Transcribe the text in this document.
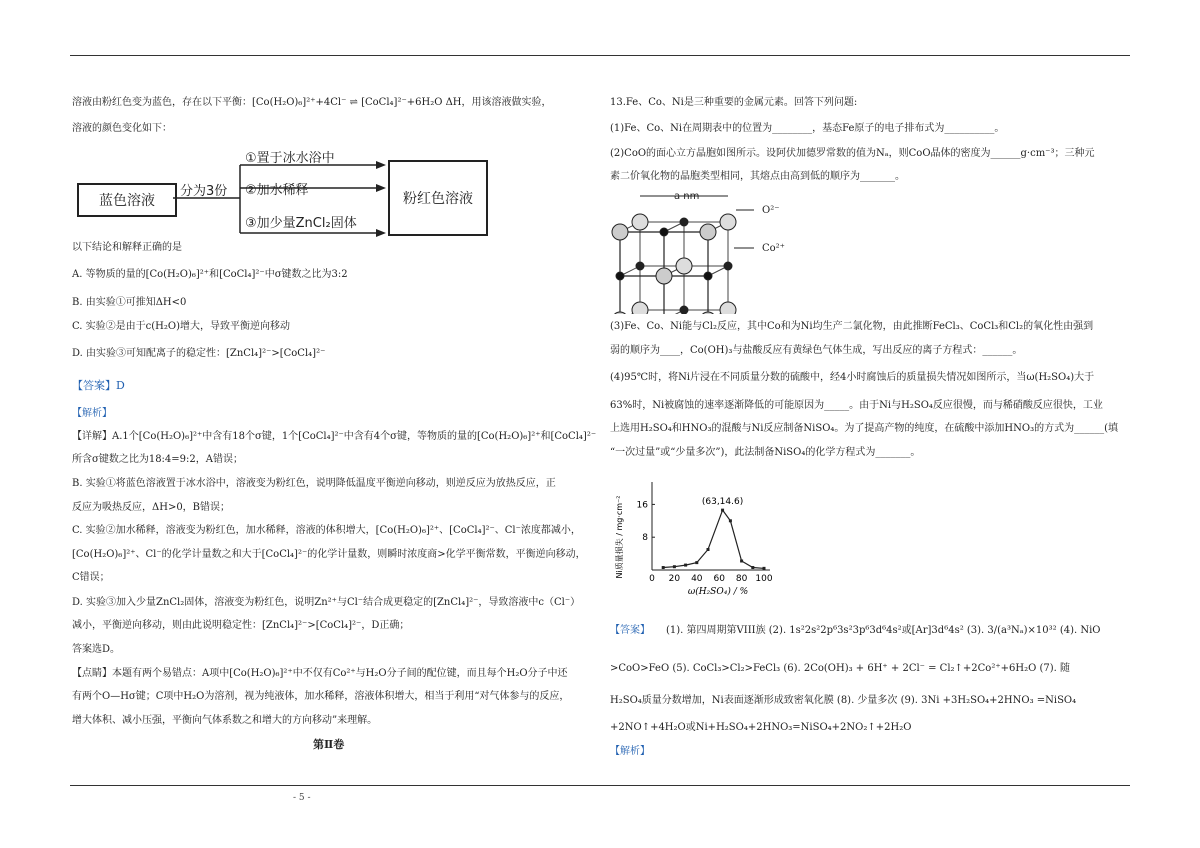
溶液由粉红色变为蓝色，存在以下平衡：[Co(H₂O)₆]²⁺+4Cl⁻ ⇌ [CoCl₄]²⁻+6H₂O ΔH，用该溶液做实验，
溶液的颜色变化如下：
蓝色溶液	粉红色溶液
分为3份
①置于冰水浴中
②加水稀释
③加少量ZnCl₂固体
以下结论和解释正确的是
A. 等物质的量的[Co(H₂O)₆]²⁺和[CoCl₄]²⁻中σ键数之比为3:2
B. 由实验①可推知ΔH<0
C. 实验②是由于c(H₂O)增大，导致平衡逆向移动
D. 由实验③可知配离子的稳定性：[ZnCl₄]²⁻>[CoCl₄]²⁻
【答案】D
【解析】
【详解】A.1个[Co(H₂O)₆]²⁺中含有18个σ键，1个[CoCl₄]²⁻中含有4个σ键，等物质的量的[Co(H₂O)₆]²⁺和[CoCl₄]²⁻
所含σ键数之比为18:4=9:2，A错误；
B. 实验①将蓝色溶液置于冰水浴中，溶液变为粉红色，说明降低温度平衡逆向移动，则逆反应为放热反应，正
反应为吸热反应，ΔH>0，B错误；
C. 实验②加水稀释，溶液变为粉红色，加水稀释，溶液的体积增大，[Co(H₂O)₆]²⁺、[CoCl₄]²⁻、Cl⁻浓度都减小，
[Co(H₂O)₆]²⁺、Cl⁻的化学计量数之和大于[CoCl₄]²⁻的化学计量数，则瞬时浓度商>化学平衡常数，平衡逆向移动，
C错误；
D. 实验③加入少量ZnCl₂固体，溶液变为粉红色，说明Zn²⁺与Cl⁻结合成更稳定的[ZnCl₄]²⁻，导致溶液中c（Cl⁻）
减小，平衡逆向移动，则由此说明稳定性：[ZnCl₄]²⁻>[CoCl₄]²⁻，D正确；
答案选D。
【点睛】本题有两个易错点：A项中[Co(H₂O)₆]²⁺中不仅有Co²⁺与H₂O分子间的配位键，而且每个H₂O分子中还
有两个O—Hσ键；C项中H₂O为溶剂，视为纯液体，加水稀释，溶液体积增大，相当于利用“对气体参与的反应，
增大体积、减小压强，平衡向气体系数之和增大的方向移动”来理解。
第Ⅱ卷
13.Fe、Co、Ni是三种重要的金属元素。回答下列问题:
(1)Fe、Co、Ni在周期表中的位置为________，基态Fe原子的电子排布式为__________。
(2)CoO的面心立方晶胞如图所示。设阿伏加德罗常数的值为Nₐ，则CoO晶体的密度为______g·cm⁻³；三种元
素二价氧化物的晶胞类型相同，其熔点由高到低的顺序为_______。
a nm
O²⁻
Co²⁺
(3)Fe、Co、Ni能与Cl₂反应，其中Co和为Ni均生产二氯化物，由此推断FeCl₃、CoCl₃和Cl₂的氧化性由强到
弱的顺序为____，Co(OH)₃与盐酸反应有黄绿色气体生成，写出反应的离子方程式：______。
(4)95℃时，将Ni片浸在不同质量分数的硫酸中，经4小时腐蚀后的质量损失情况如图所示，当ω(H₂SO₄)大于
63%时，Ni被腐蚀的速率逐渐降低的可能原因为_____。由于Ni与H₂SO₄反应很慢，而与稀硝酸反应很快，工业
上选用H₂SO₄和HNO₃的混酸与Ni反应制备NiSO₄。为了提高产物的纯度，在硫酸中添加HNO₃的方式为______(填
“一次过量”或“少量多次”)，此法制备NiSO₄的化学方程式为_______。
0 20 40 60 80 100
8
16	(63,14.6)
ω(H₂SO₄) / %
Ni质量损失 / mg·cm⁻²
【答案】 (1). 第四周期第VIII族 (2). 1s²2s²2p⁶3s²3p⁶3d⁶4s²或[Ar]3d⁶4s² (3). 3/(a³Nₐ)×10³² (4). NiO
>CoO>FeO (5). CoCl₃>Cl₂>FeCl₃ (6). 2Co(OH)₃ + 6H⁺ + 2Cl⁻ = Cl₂↑+2Co²⁺+6H₂O (7). 随
H₂SO₄质量分数增加，Ni表面逐渐形成致密氧化膜 (8). 少量多次 (9). 3Ni +3H₂SO₄+2HNO₃ =NiSO₄
+2NO↑+4H₂O或Ni+H₂SO₄+2HNO₃=NiSO₄+2NO₂↑+2H₂O
【解析】
- 5 -
